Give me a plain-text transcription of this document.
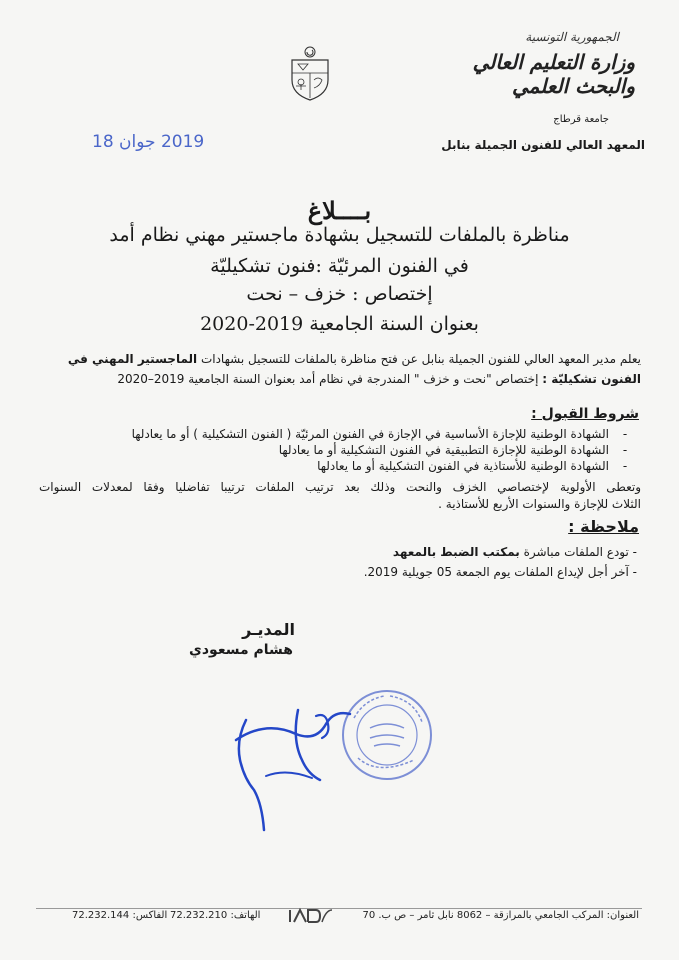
الجمهورية التونسية
وزارة التعليم العالي
والبحث العلمي
جامعة قرطاج
المعهد العالي للفنون الجميلة بنابل
2019 جوان 18
بــــلاغ
مناظرة بالملفات للتسجيل بشهادة ماجستير مهني نظام أمد
في الفنون المرئيّة :فنون تشكيليّة
إختصاص : خزف – نحت
بعنوان السنة الجامعية 2019-2020
يعلم مدير المعهد العالي للفنون الجميلة بنابل عن فتح مناظرة بالملفات للتسجيل بشهادات الماجستير المهني في
الفنون تشكيليّة : إختصاص "نحت و خزف " المندرجة في نظام أمد بعنوان السنة الجامعية 2019–2020
شروط القبول :
-الشهادة الوطنية للإجازة الأساسية في الإجازة في الفنون المرئيّة ( الفنون التشكيلية ) أو ما يعادلها
-الشهادة الوطنية للإجازة التطبيقية في الفنون التشكيلية أو ما يعادلها
-الشهادة الوطنية للأستاذية في الفنون التشكيلية أو ما يعادلها
وتعطى الأولوية لإختصاصي الخزف والنحت وذلك بعد ترتيب الملفات ترتيبا تفاضليا وفقا لمعدلات السنوات
الثلاث للإجازة والسنوات الأربع للأستاذية .
ملاحظة :
- تودع الملفات مباشرة بمكتب الضبط بالمعهد
- آخر أجل لإيداع الملفات يوم الجمعة 05 جويلية 2019.
المديـر
هشام مسعودي
العنوان: المركب الجامعي بالمرازقة – 8062 نابل ثامر – ص ب. 70
الهاتف: 72.232.210
الفاكس: 72.232.144
